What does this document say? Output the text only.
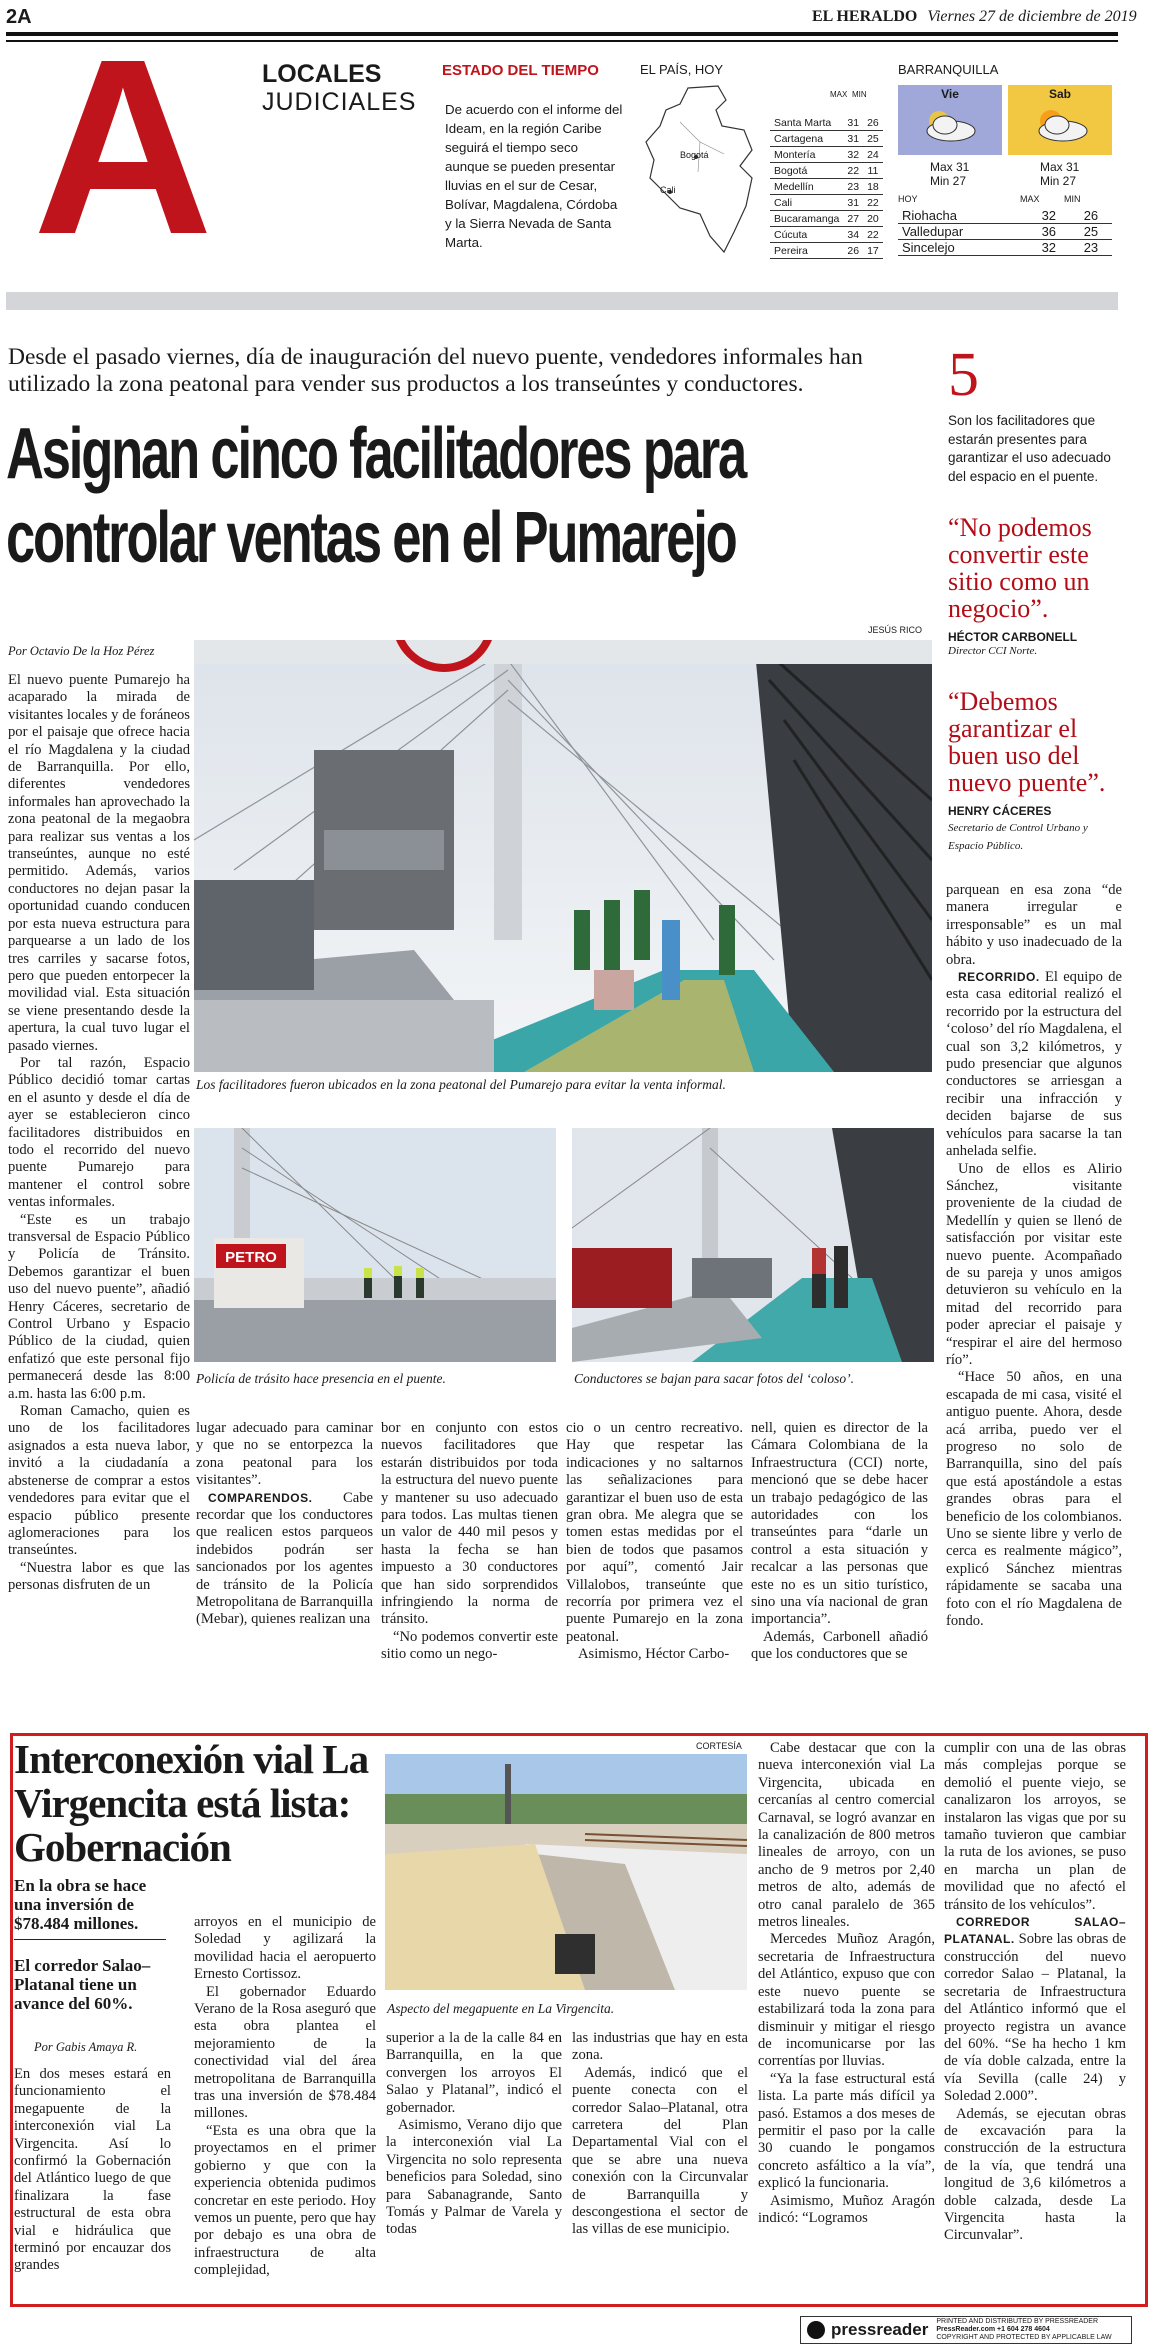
2A	EL HERALDO Viernes 27 de diciembre de 2019
A	LOCALES
JUDICIALES
ESTADO DEL TIEMPO
De acuerdo con el informe del Ideam, en la región Caribe seguirá el tiempo seco aunque se pueden presentar lluvias en el sur de Cesar, Bolívar, Magdalena, Córdoba y la Sierra Nevada de Santa Marta.
EL PAÍS, HOY
Bogotá
Cali
MAX MIN
Santa Marta	31	26
Cartagena	31	25
Montería	32	24
Bogotá	22	11
Medellín	23	18
Cali	31	22
Bucaramanga	27	20
Cúcuta	34	22
Pereira	26	17
BARRANQUILLA
Vie	Sab
Max 31
Min 27
Max 31
Min 27
HOY	MAX	MIN
Riohacha	32	26
Valledupar	36	25
Sincelejo	32	23
Desde el pasado viernes, día de inauguración del nuevo puente, vendedores informales han utilizado la zona peatonal para vender sus productos a los transeúntes y conductores.
Asignan cinco facilitadores para
controlar ventas en el Pumarejo
5
Son los facilitadores que estarán presentes para garantizar el uso adecuado del espacio en el puente.
“No podemos convertir este sitio como un negocio”.
HÉCTOR CARBONELL
Director CCI Norte.
“Debemos garantizar el buen uso del nuevo puente”.
HENRY CÁCERES
Secretario de Control Urbano y Espacio Público.
JESÚS RICO
Por Octavio De la Hoz Pérez

El nuevo puente Pumarejo ha acaparado la mirada de visitantes locales y de foráneos por el paisaje que ofrece hacia el río Magdalena y la ciudad de Barranquilla. Por ello, diferentes vendedores informales han aprovechado la zona peatonal de la megaobra para realizar sus ventas a los transeúntes, aunque no esté permitido. Además, varios conductores no dejan pasar la oportunidad cuando conducen por esta nueva estructura para parquearse a un lado de los tres carriles y sacarse fotos, pero que pueden entorpecer la movilidad vial. Esta situación se viene presentando desde la apertura, la cual tuvo lugar el pasado viernes.

Por tal razón, Espacio Público decidió tomar cartas en el asunto y desde el día de ayer se establecieron cinco facilitadores distribuidos en todo el recorrido del nuevo puente Pumarejo para mantener el control sobre ventas informales.

“Este es un trabajo transversal de Espacio Público y Policía de Tránsito. Debemos garantizar el buen uso del nuevo puente”, añadió Henry Cáceres, secretario de Control Urbano y Espacio Público de la ciudad, quien enfatizó que este personal fijo permanecerá desde las 8:00 a.m. hasta las 6:00 p.m.

Roman Camacho, quien es uno de los facilitadores asignados a esta nueva labor, invitó a la ciudadanía a abstenerse de comprar a estos vendedores para evitar que el espacio público presente aglomeraciones para los transeúntes.

“Nuestra labor es que las personas disfruten de un

Los facilitadores fueron ubicados en la zona peatonal del Pumarejo para evitar la venta informal.
PETRO
Policía de trásito hace presencia en el puente.	Conductores se bajan para sacar fotos del ‘coloso’.

lugar adecuado para caminar y que no se entorpezca la zona peatonal para los visitantes”.

COMPARENDOS. Cabe recordar que los conductores que realicen estos parqueos indebidos podrán ser sancionados por los agentes de tránsito de la Policía Metropolitana de Barranquilla (Mebar), quienes realizan una

bor en conjunto con estos nuevos facilitadores que estarán distribuidos por toda la estructura del nuevo puente y mantener su uso adecuado para todos. Las multas tienen un valor de 440 mil pesos y hasta la fecha se han impuesto a 30 conductores que han sido sorprendidos infringiendo la norma de tránsito.

“No podemos convertir este sitio como un nego-

cio o un centro recreativo. Hay que respetar las indicaciones y no saltarnos las señalizaciones para garantizar el buen uso de esta gran obra. Me alegra que se tomen estas medidas por el bien de todos que pasamos por aquí”, comentó Jair Villalobos, transeúnte que recorría por primera vez el puente Pumarejo en la zona peatonal.

Asimismo, Héctor Carbo-

nell, quien es director de la Cámara Colombiana de la Infraestructura (CCI) norte, mencionó que se debe hacer un trabajo pedagógico de las autoridades con los transeúntes para “darle un control a esta situación y recalcar a las personas que este no es un sitio turístico, sino una vía nacional de gran importancia”.

Además, Carbonell añadió que los conductores que se

parquean en esa zona “de manera irregular e irresponsable” es un mal hábito y uso inadecuado de la obra.

RECORRIDO. El equipo de esta casa editorial realizó el recorrido por la estructura del ‘coloso’ del río Magdalena, el cual son 3,2 kilómetros, y pudo presenciar que algunos conductores se arriesgan a recibir una infracción y deciden bajarse de sus vehículos para sacarse la tan anhelada selfie.

Uno de ellos es Alirio Sánchez, visitante proveniente de la ciudad de Medellín y quien se llenó de satisfacción por visitar este nuevo puente. Acompañado de su pareja y unos amigos detuvieron su vehículo en la mitad del recorrido para poder apreciar el paisaje y “respirar el aire del hermoso río”.

“Hace 50 años, en una escapada de mi casa, visité el antiguo puente. Ahora, desde acá arriba, puedo ver el progreso no solo de Barranquilla, sino del país que está apostándole a estas grandes obras para el beneficio de los colombianos. Uno se siente libre y verlo de cerca es realmente mágico”, explicó Sánchez mientras rápidamente se sacaba una foto con el río Magdalena de fondo.

Interconexión vial La Virgencita está lista: Gobernación
En la obra se hace una inversión de $78.484 millones.
El corredor Salao–Platanal tiene un avance del 60%.
Por Gabis Amaya R.

En dos meses estará en funcionamiento el megapuente de la interconexión vial La Virgencita. Así lo confirmó la Gobernación del Atlántico luego de que finalizara la fase estructural de esta obra vial e hidráulica que terminó por encauzar dos grandes

CORTESÍA
Aspecto del megapuente en La Virgencita.

arroyos en el municipio de Soledad y agilizará la movilidad hacia el aeropuerto Ernesto Cortissoz.

El gobernador Eduardo Verano de la Rosa aseguró que esta obra plantea el mejoramiento de la conectividad vial del área metropolitana de Barranquilla tras una inversión de $78.484 millones.

“Esta es una obra que la proyectamos en el primer gobierno y que con la experiencia obtenida pudimos concretar en este periodo. Hoy vemos un puente, pero que hay por debajo es una obra de infraestructura de alta complejidad,

superior a la de la calle 84 en Barranquilla, en la que convergen los arroyos El Salao y Platanal”, indicó el gobernador.

Asimismo, Verano dijo que la interconexión vial La Virgencita no solo representa beneficios para Soledad, sino para Sabanagrande, Santo Tomás y Palmar de Varela y todas

las industrias que hay en esta zona.

Además, indicó que el puente conecta con el corredor Salao–Platanal, otra carretera del Plan Departamental Vial con el que se abre una nueva conexión con la Circunvalar de Barranquilla y descongestiona el sector de las villas de ese municipio.

Cabe destacar que con la nueva interconexión vial La Virgencita, ubicada en cercanías al centro comercial Carnaval, se logró avanzar en la canalización de 800 metros lineales de arroyo, con un ancho de 9 metros por 2,40 metros de alto, además de otro canal paralelo de 365 metros lineales.

Mercedes Muñoz Aragón, secretaria de Infraestructura del Atlántico, expuso que con este nuevo puente se estabilizará toda la zona para disminuir y mitigar el riesgo de incomunicarse por las correntías por lluvias.

“Ya la fase estructural está lista. La parte más difícil ya pasó. Estamos a dos meses de permitir el paso por la calle 30 cuando le pongamos concreto asfáltico a la vía”, explicó la funcionaria.

Asimismo, Muñoz Aragón indicó: “Logramos

cumplir con una de las obras más complejas porque se demolió el puente viejo, se canalizaron los arroyos, se instalaron las vigas que por su tamaño tuvieron que cambiar la ruta de los aviones, se puso en marcha un plan de movilidad que no afectó el tránsito de los vehículos”.

CORREDOR SALAO–PLATANAL. Sobre las obras de construcción del nuevo corredor Salao – Platanal, la secretaria de Infraestructura del Atlántico informó que el proyecto registra un avance del 60%. “Se ha hecho 1 km de vía doble calzada, entre la vía Sevilla (calle 24) y Soledad 2.000”.

Además, se ejecutan obras de excavación para la construcción de la estructura de la vía, que tendrá una longitud de 3,6 kilómetros a doble calzada, desde La Virgencita hasta la Circunvalar”.

pressreader PRINTED AND DISTRIBUTED BY PRESSREADER
PressReader.com +1 604 278 4604
COPYRIGHT AND PROTECTED BY APPLICABLE LAW
